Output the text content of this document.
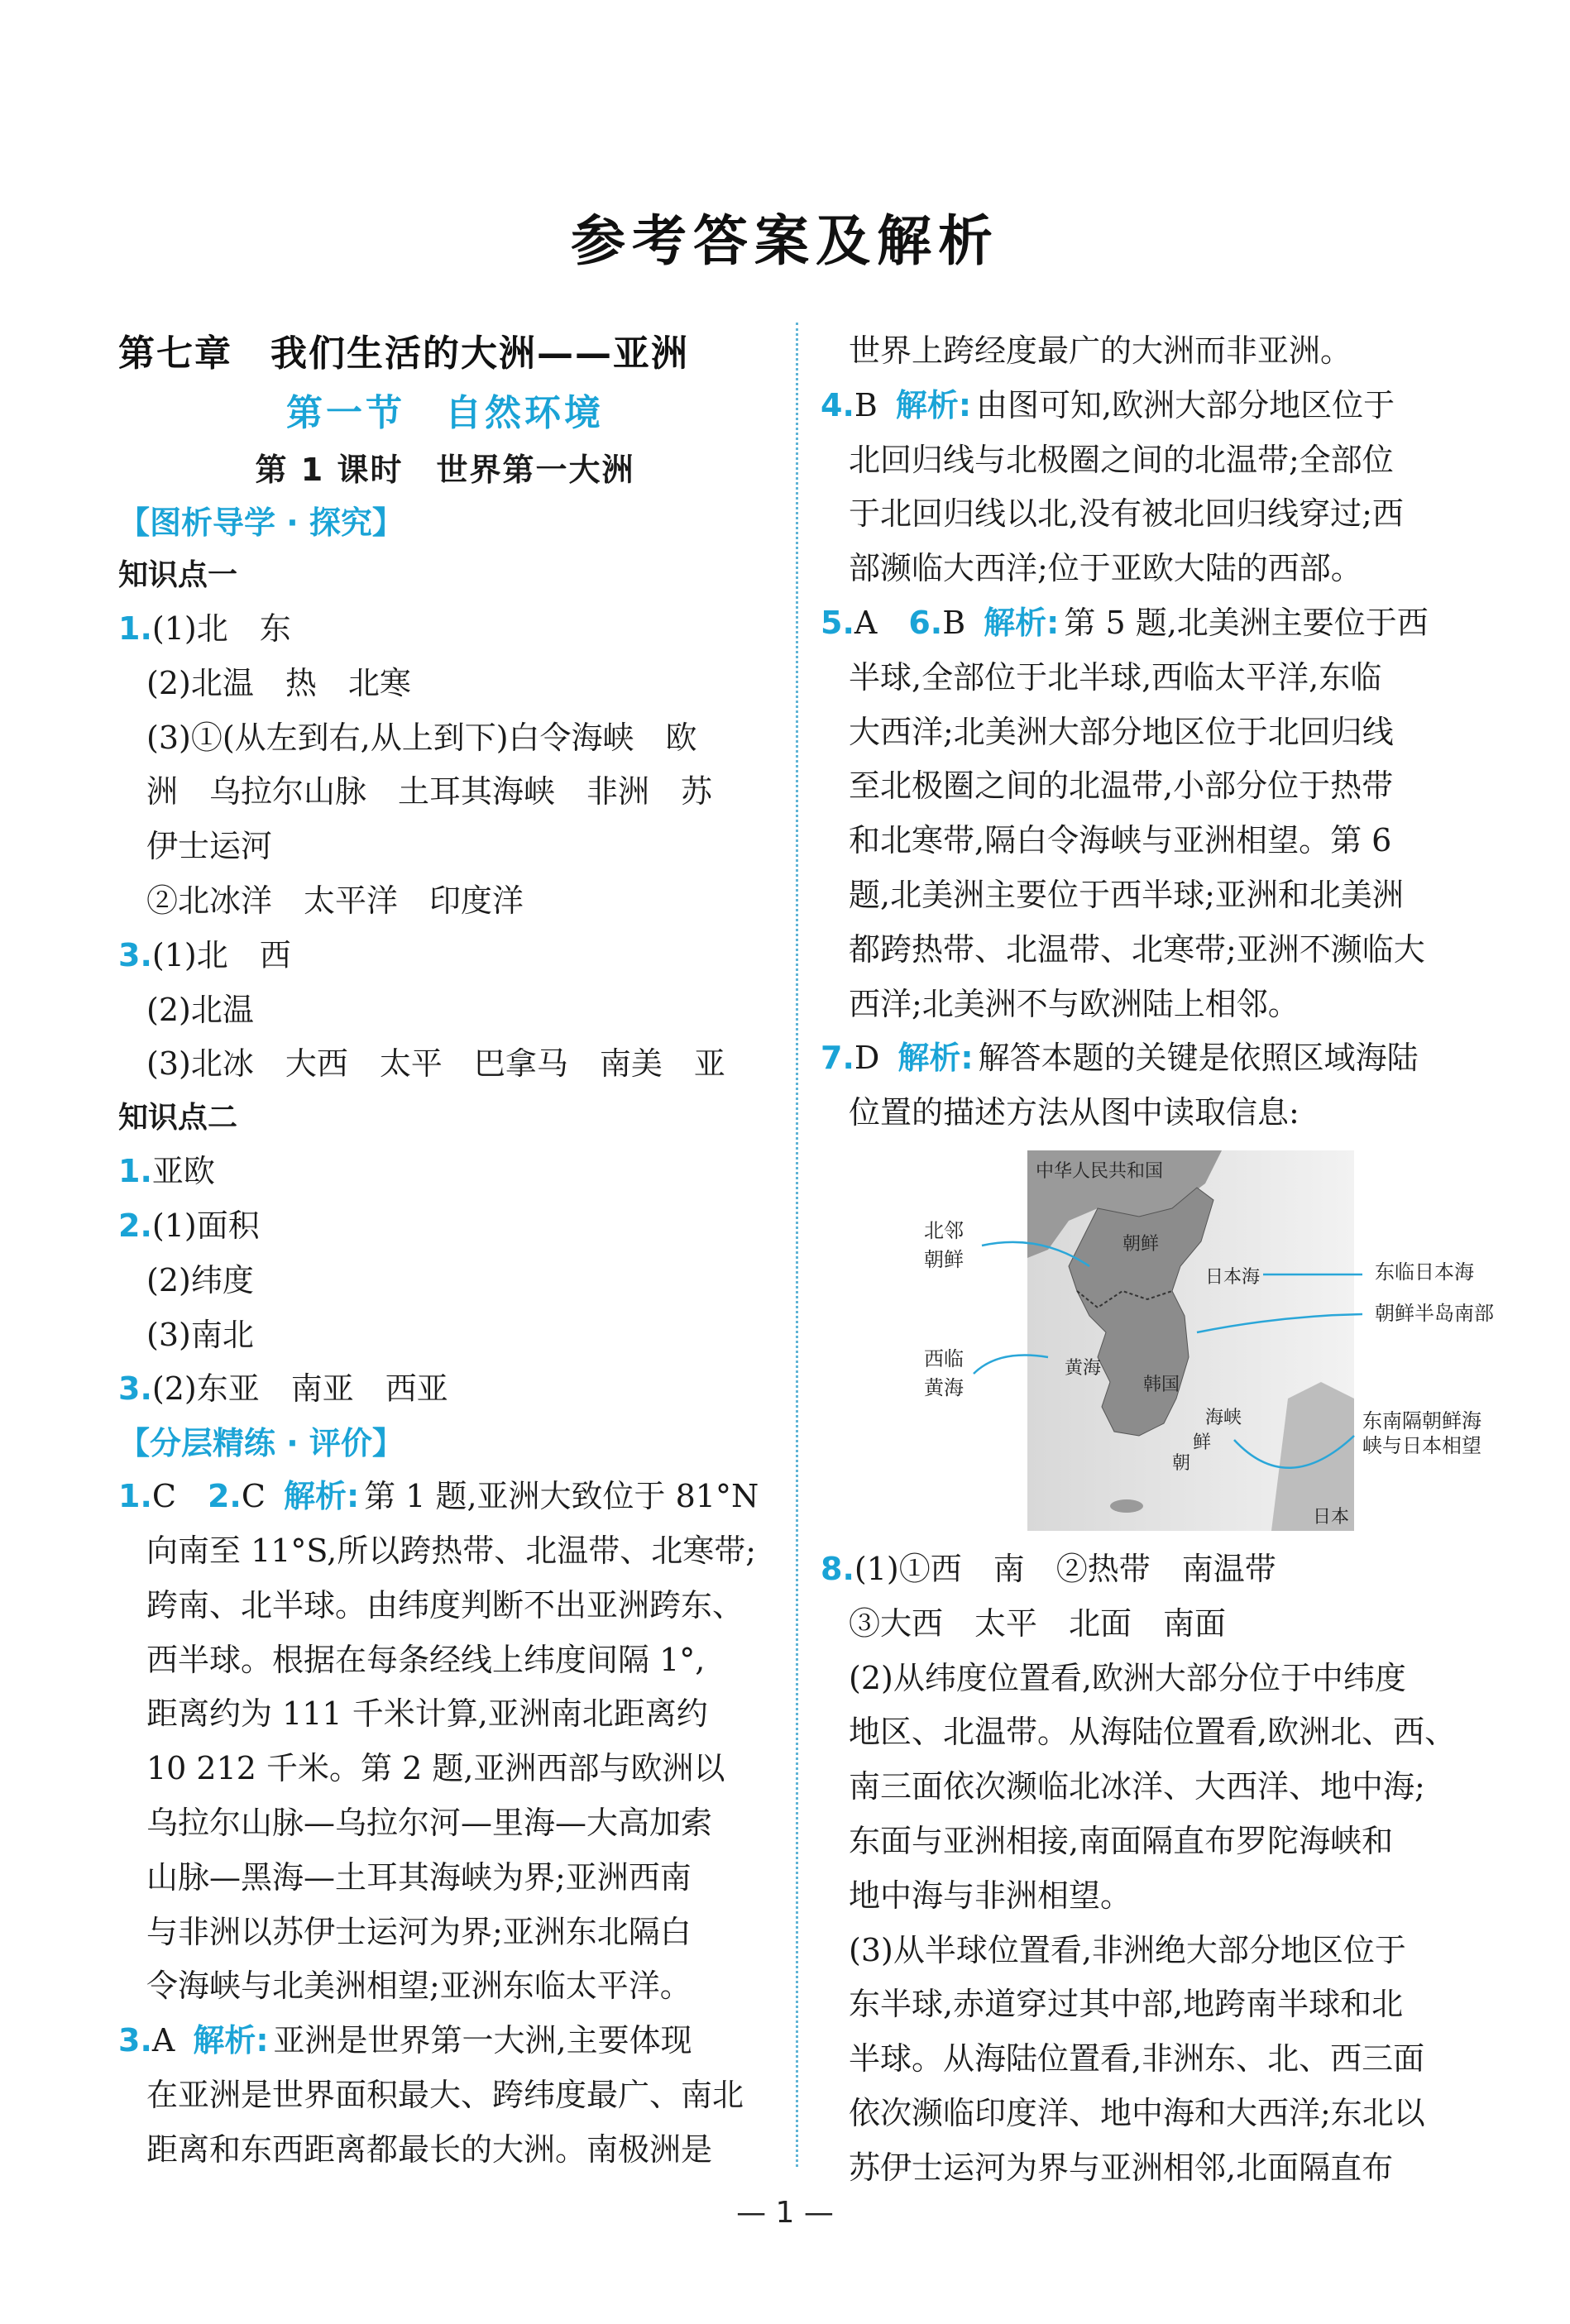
参考答案及解析
第七章　我们生活的大洲——亚洲
第一节　自然环境
第 1 课时　世界第一大洲
【图析导学 · 探究】
知识点一
1.(1)北　东
(2)北温　热　北寒
(3)①(从左到右,从上到下)白令海峡　欧
洲　乌拉尔山脉　土耳其海峡　非洲　苏
伊士运河
②北冰洋　太平洋　印度洋
3.(1)北　西
(2)北温
(3)北冰　大西　太平　巴拿马　南美　亚
知识点二
1.亚欧
2.(1)面积
(2)纬度
(3)南北
3.(2)东亚　南亚　西亚
【分层精练 · 评价】
1.C  2.C 解析: 第 1 题,亚洲大致位于 81°N
向南至 11°S,所以跨热带、北温带、北寒带;
跨南、北半球。由纬度判断不出亚洲跨东、
西半球。根据在每条经线上纬度间隔 1°,
距离约为 111 千米计算,亚洲南北距离约
10 212 千米。第 2 题,亚洲西部与欧洲以
乌拉尔山脉—乌拉尔河—里海—大高加索
山脉—黑海—土耳其海峡为界;亚洲西南
与非洲以苏伊士运河为界;亚洲东北隔白
令海峡与北美洲相望;亚洲东临太平洋。
3.A 解析: 亚洲是世界第一大洲,主要体现
在亚洲是世界面积最大、跨纬度最广、南北
距离和东西距离都最长的大洲。南极洲是
世界上跨经度最广的大洲而非亚洲。
4.B 解析: 由图可知,欧洲大部分地区位于
北回归线与北极圈之间的北温带;全部位
于北回归线以北,没有被北回归线穿过;西
部濒临大西洋;位于亚欧大陆的西部。
5.A  6.B 解析: 第 5 题,北美洲主要位于西
半球,全部位于北半球,西临太平洋,东临
大西洋;北美洲大部分地区位于北回归线
至北极圈之间的北温带,小部分位于热带
和北寒带,隔白令海峡与亚洲相望。第 6
题,北美洲主要位于西半球;亚洲和北美洲
都跨热带、北温带、北寒带;亚洲不濒临大
西洋;北美洲不与欧洲陆上相邻。
7.D 解析: 解答本题的关键是依照区域海陆
位置的描述方法从图中读取信息:
中华人民共和国
朝鲜
韩国
日本海
黄海
海峡
朝
鲜
日本
北邻
朝鲜
西临
黄海
东临日本海
朝鲜半岛南部
东南隔朝鲜海
峡与日本相望
8.(1)①西　南　②热带　南温带
③大西　太平　北面　南面
(2)从纬度位置看,欧洲大部分位于中纬度
地区、北温带。从海陆位置看,欧洲北、西、
南三面依次濒临北冰洋、大西洋、地中海;
东面与亚洲相接,南面隔直布罗陀海峡和
地中海与非洲相望。
(3)从半球位置看,非洲绝大部分地区位于
东半球,赤道穿过其中部,地跨南半球和北
半球。从海陆位置看,非洲东、北、西三面
依次濒临印度洋、地中海和大西洋;东北以
苏伊士运河为界与亚洲相邻,北面隔直布
— 1 —
